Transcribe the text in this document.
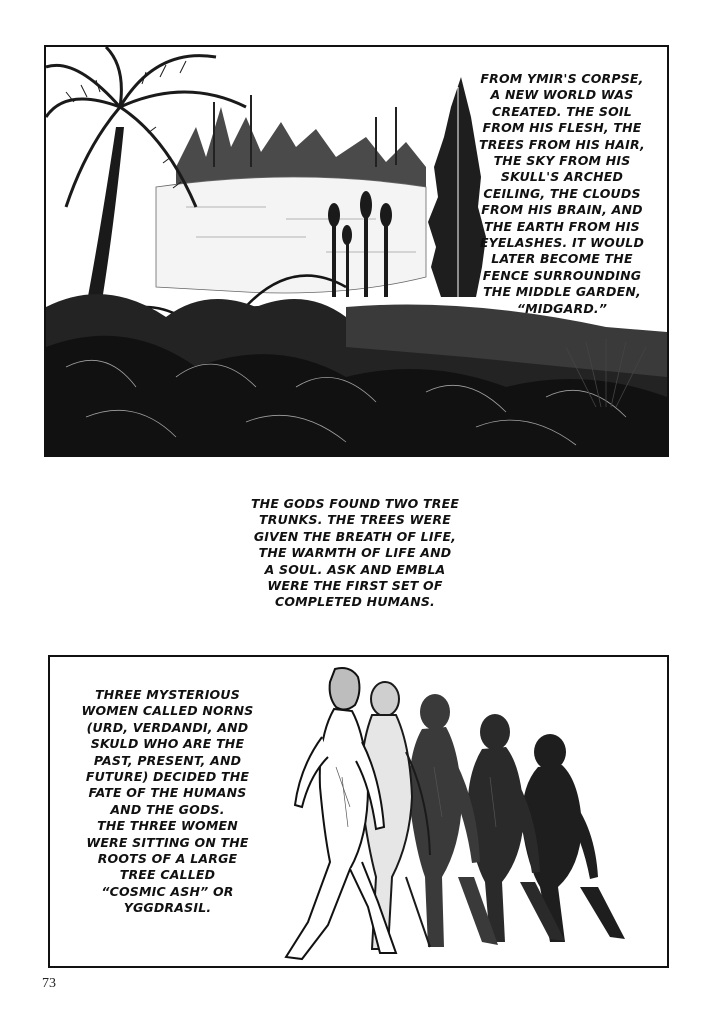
FROM YMIR'S CORPSE,
A NEW WORLD WAS
CREATED. THE SOIL
FROM HIS FLESH, THE
TREES FROM HIS HAIR,
THE SKY FROM HIS
SKULL'S ARCHED
CEILING, THE CLOUDS
FROM HIS BRAIN, AND
THE EARTH FROM HIS
EYELASHES. IT WOULD
LATER BECOME THE
FENCE SURROUNDING
THE MIDDLE GARDEN,
“MIDGARD.”

THE GODS FOUND TWO TREE
TRUNKS. THE TREES WERE
GIVEN THE BREATH OF LIFE,
THE WARMTH OF LIFE AND
A SOUL. ASK AND EMBLA
WERE THE FIRST SET OF
COMPLETED HUMANS.

THREE MYSTERIOUS
WOMEN CALLED NORNS
(URD, VERDANDI, AND
SKULD WHO ARE THE
PAST, PRESENT, AND
FUTURE) DECIDED THE
FATE OF THE HUMANS
AND THE GODS.
THE THREE WOMEN
WERE SITTING ON THE
ROOTS OF A LARGE
TREE CALLED
“COSMIC ASH” OR
YGGDRASIL.

73
